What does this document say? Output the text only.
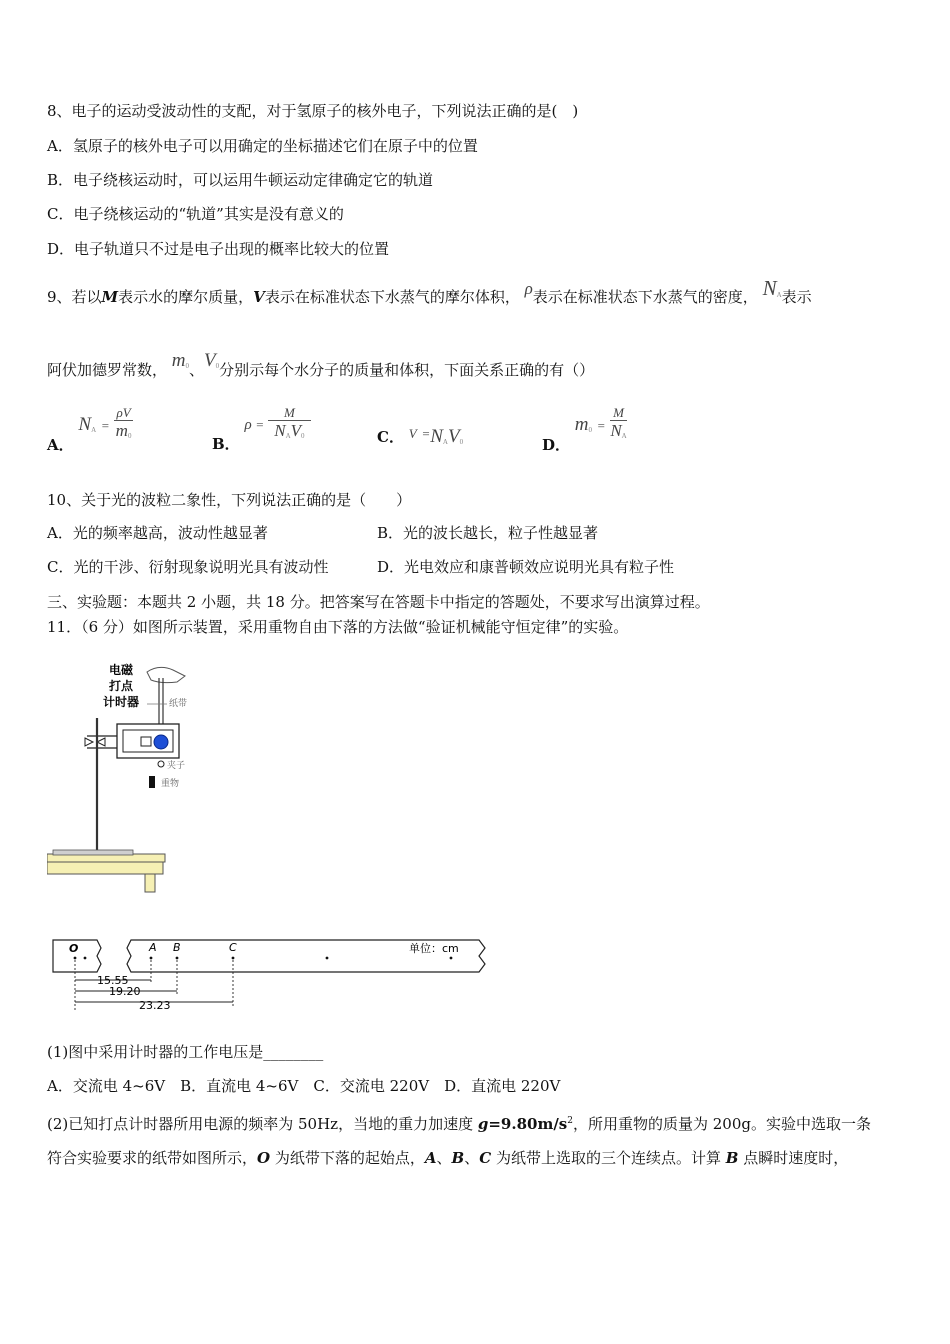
8、电子的运动受波动性的支配，对于氢原子的核外电子，下列说法正确的是(　)
A．氢原子的核外电子可以用确定的坐标描述它们在原子中的位置
B．电子绕核运动时，可以运用牛顿运动定律确定它的轨道
C．电子绕核运动的“轨道”其实是没有意义的
D．电子轨道只不过是电子出现的概率比较大的位置
9、若以M表示水的摩尔质量，V表示在标准状态下水蒸气的摩尔体积， ρ表示在标准状态下水蒸气的密度， $N_A$表示
阿伏加德罗常数， $m_0$、$V_0$分别示每个水分子的质量和体积，下面关系正确的有（）
A． $N_A = \frac{\rho V}{m_0}$	B． $\rho = \frac{M}{N_AV_0}$	C． $^V$ $^=N_AV_0$	D． $m_0 = \frac{M}{N_A}$
10、关于光的波粒二象性，下列说法正确的是（　　）
A．光的频率越高，波动性越显著	B．光的波长越长，粒子性越显著
C．光的干涉、衍射现象说明光具有波动性	D．光电效应和康普顿效应说明光具有粒子性
三、实验题：本题共 2 小题，共 18 分。把答案写在答题卡中指定的答题处，不要求写出演算过程。
11．（6 分）如图所示装置，采用重物自由下落的方法做“验证机械能守恒定律”的实验。
电磁
打点
计时器	纸带
夹子
重物
O	A B	C	单位：cm
15.55
19.20
23.23
(1)图中采用计时器的工作电压是________
A．交流电 4~6V　B．直流电 4~6V　C．交流电 220V　D．直流电 220V
(2)已知打点计时器所用电源的频率为 50Hz，当地的重力加速度 $g=9.80m/s^2$，所用重物的质量为 200g。实验中选取一条
符合实验要求的纸带如图所示，O 为纸带下落的起始点，A、B、C 为纸带上选取的三个连续点。计算 B 点瞬时速度时，
